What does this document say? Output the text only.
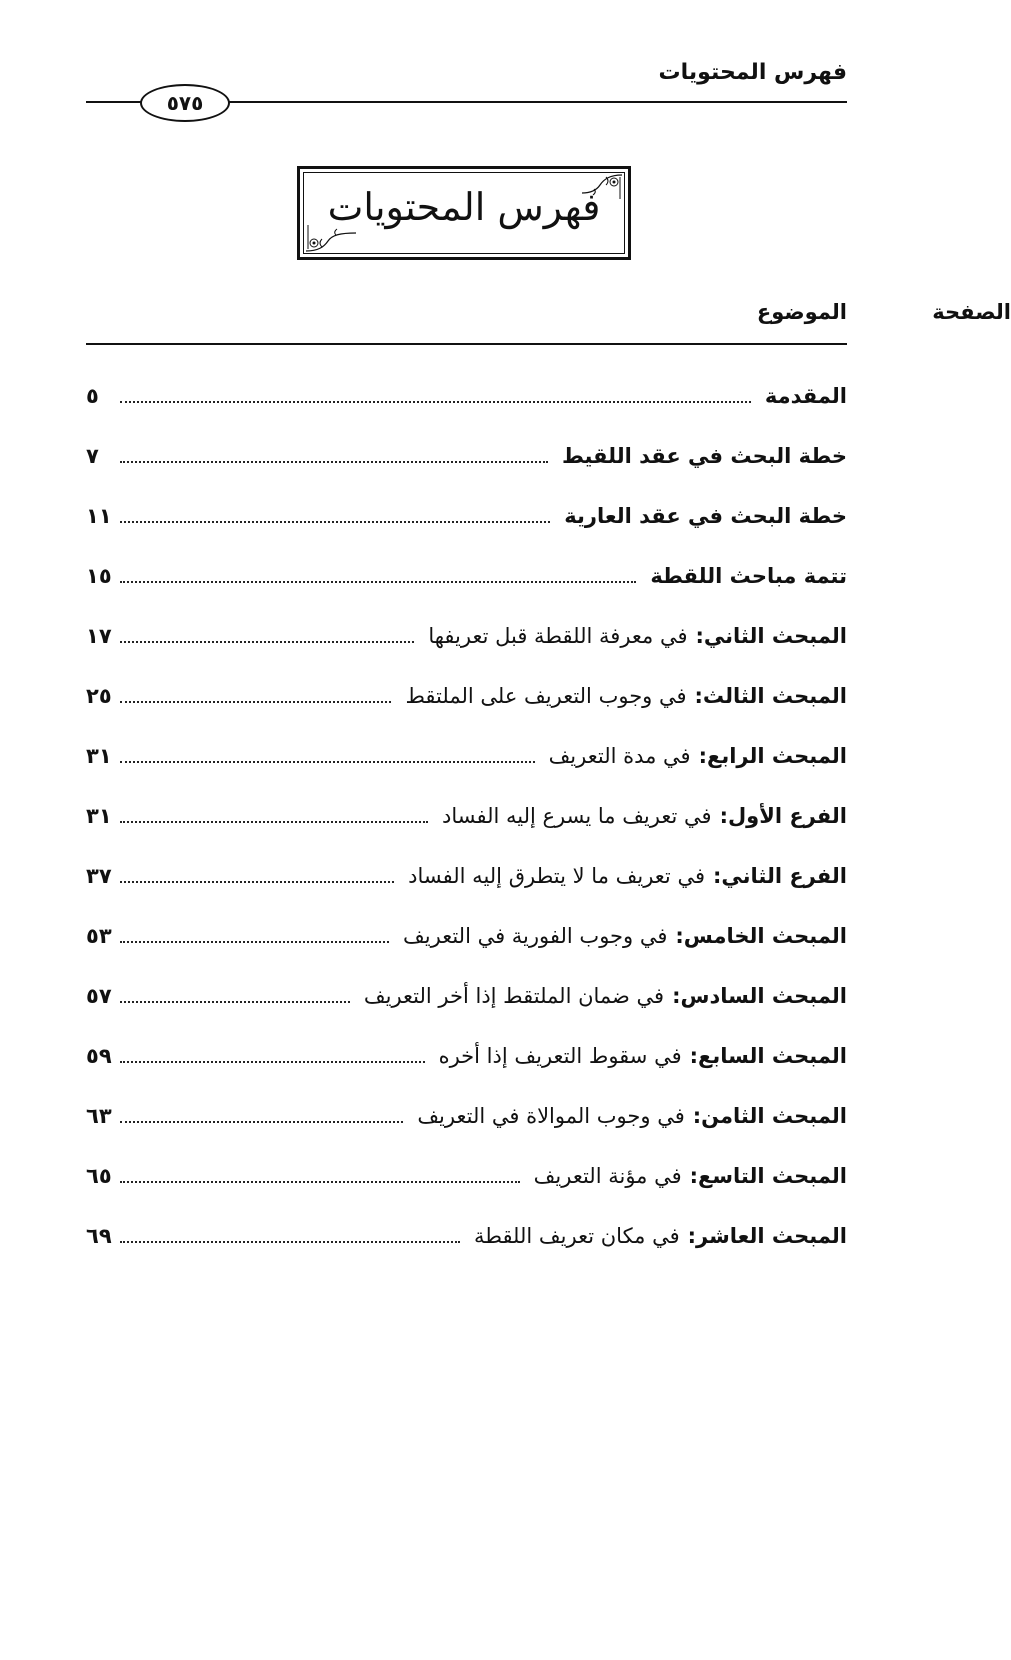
فهرس المحتويات
٥٧٥
فهرس المحتويات
الموضوع	الصفحة
المقدمة
٥
خطة البحث في عقد اللقيط
٧
خطة البحث في عقد العارية
١١
تتمة مباحث اللقطة
١٥
المبحث الثاني:في معرفة اللقطة قبل تعريفها
١٧
المبحث الثالث:في وجوب التعريف على الملتقط
٢٥
المبحث الرابع:في مدة التعريف
٣١
الفرع الأول:في تعريف ما يسرع إليه الفساد
٣١
الفرع الثاني:في تعريف ما لا يتطرق إليه الفساد
٣٧
المبحث الخامس:في وجوب الفورية في التعريف
٥٣
المبحث السادس:في ضمان الملتقط إذا أخر التعريف
٥٧
المبحث السابع:في سقوط التعريف إذا أخره
٥٩
المبحث الثامن:في وجوب الموالاة في التعريف
٦٣
المبحث التاسع:في مؤنة التعريف
٦٥
المبحث العاشر:في مكان تعريف اللقطة
٦٩
